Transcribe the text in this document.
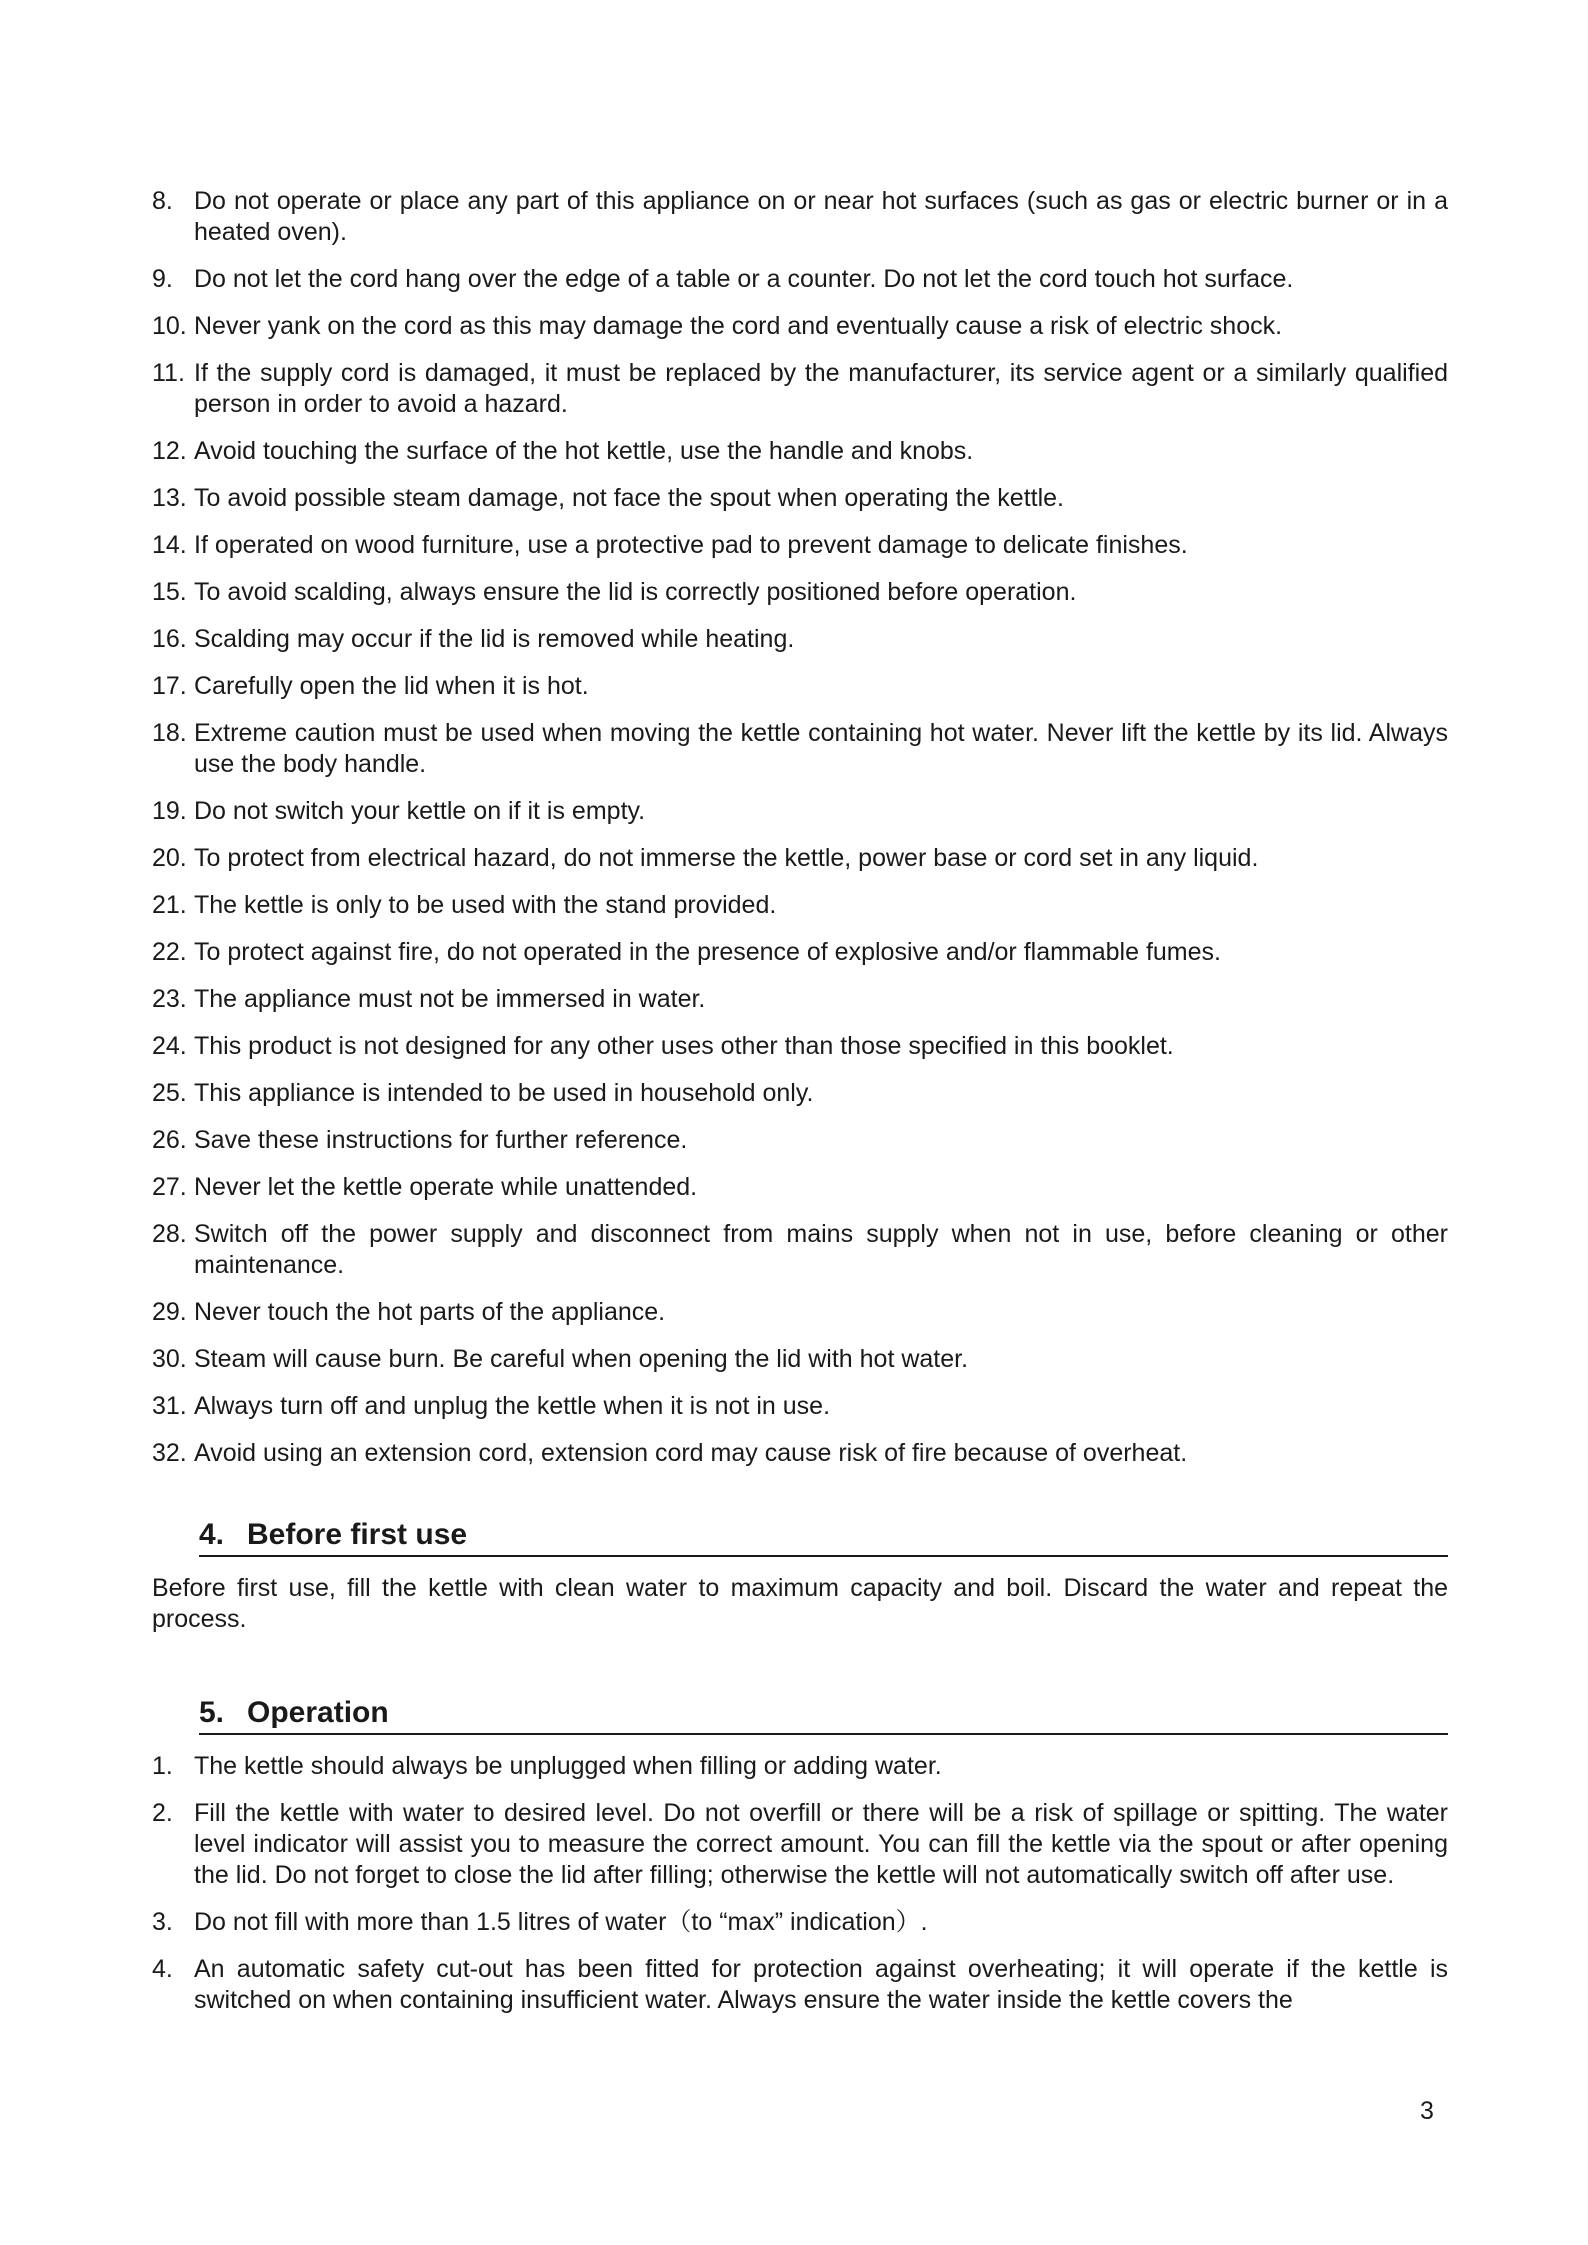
8. Do not operate or place any part of this appliance on or near hot surfaces (such as gas or electric burner or in a heated oven).
9. Do not let the cord hang over the edge of a table or a counter. Do not let the cord touch hot surface.
10. Never yank on the cord as this may damage the cord and eventually cause a risk of electric shock.
11. If the supply cord is damaged, it must be replaced by the manufacturer, its service agent or a similarly qualified person in order to avoid a hazard.
12. Avoid touching the surface of the hot kettle, use the handle and knobs.
13. To avoid possible steam damage, not face the spout when operating the kettle.
14. If operated on wood furniture, use a protective pad to prevent damage to delicate finishes.
15. To avoid scalding, always ensure the lid is correctly positioned before operation.
16. Scalding may occur if the lid is removed while heating.
17. Carefully open the lid when it is hot.
18. Extreme caution must be used when moving the kettle containing hot water. Never lift the kettle by its lid. Always use the body handle.
19. Do not switch your kettle on if it is empty.
20. To protect from electrical hazard, do not immerse the kettle, power base or cord set in any liquid.
21. The kettle is only to be used with the stand provided.
22. To protect against fire, do not operated in the presence of explosive and/or flammable fumes.
23. The appliance must not be immersed in water.
24. This product is not designed for any other uses other than those specified in this booklet.
25. This appliance is intended to be used in household only.
26. Save these instructions for further reference.
27. Never let the kettle operate while unattended.
28. Switch off the power supply and disconnect from mains supply when not in use, before cleaning or other maintenance.
29. Never touch the hot parts of the appliance.
30. Steam will cause burn. Be careful when opening the lid with hot water.
31. Always turn off and unplug the kettle when it is not in use.
32. Avoid using an extension cord, extension cord may cause risk of fire because of overheat.
4. Before first use
Before first use, fill the kettle with clean water to maximum capacity and boil. Discard the water and repeat the process.
5. Operation
1. The kettle should always be unplugged when filling or adding water.
2. Fill the kettle with water to desired level. Do not overfill or there will be a risk of spillage or spitting. The water level indicator will assist you to measure the correct amount. You can fill the kettle via the spout or after opening the lid. Do not forget to close the lid after filling; otherwise the kettle will not automatically switch off after use.
3. Do not fill with more than 1.5 litres of water（to “max” indication）.
4. An automatic safety cut-out has been fitted for protection against overheating; it will operate if the kettle is switched on when containing insufficient water. Always ensure the water inside the kettle covers the
3
